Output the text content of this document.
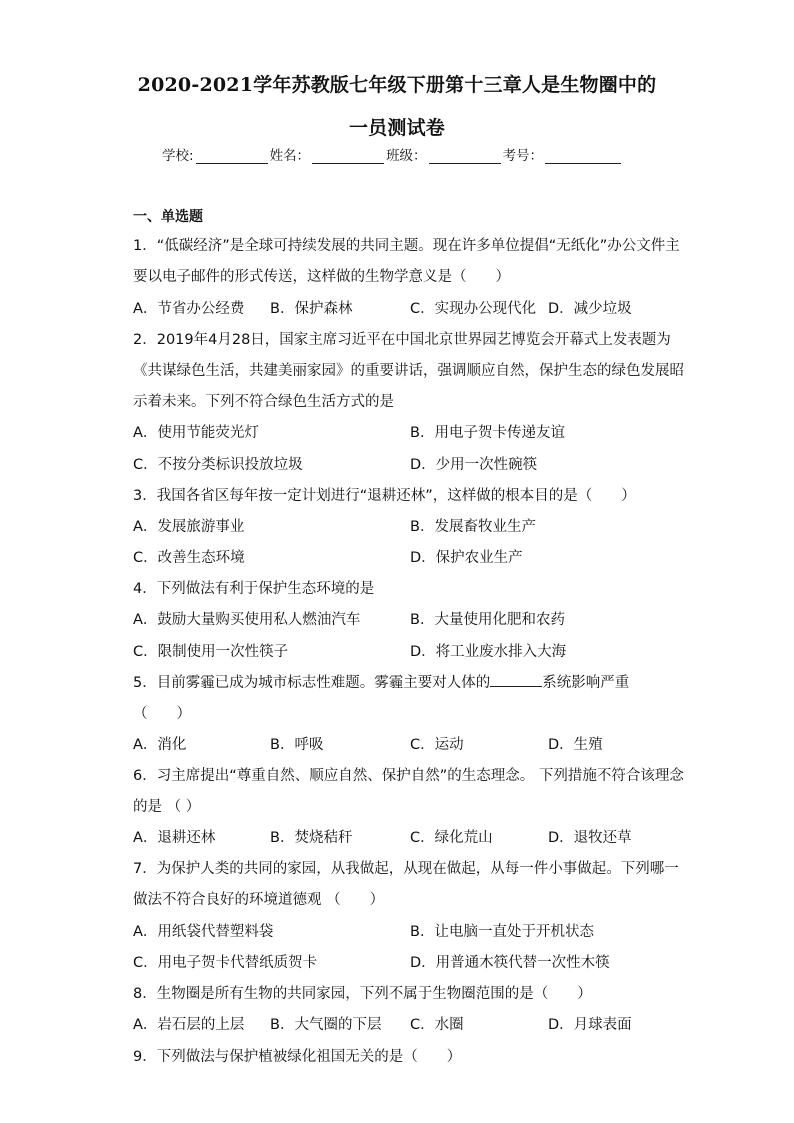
2020-2021学年苏教版七年级下册第十三章人是生物圈中的
一员测试卷
学校:	姓名：	班级：	考号：
一、单选题
1．“低碳经济”是全球可持续发展的共同主题。现在许多单位提倡“无纸化”办公文件主
要以电子邮件的形式传送，这样做的生物学意义是（　　）
A．节省办公经费 B．保护森林	C．实现办公现代化 D．减少垃圾
2．2019年4月28日，国家主席习近平在中国北京世界园艺博览会开幕式上发表题为
《共谋绿色生活，共建美丽家园》的重要讲话，强调顺应自然，保护生态的绿色发展昭
示着未来。下列不符合绿色生活方式的是
A．使用节能荧光灯	B．用电子贺卡传递友谊
C．不按分类标识投放垃圾	D．少用一次性碗筷
3．我国各省区每年按一定计划进行“退耕还林”，这样做的根本目的是（　　）
A．发展旅游事业	B．发展畜牧业生产
C．改善生态环境	D．保护农业生产
4．下列做法有利于保护生态环境的是
A．鼓励大量购买使用私人燃油汽车	B．大量使用化肥和农药
C．限制使用一次性筷子	D．将工业废水排入大海
5．目前雾霾已成为城市标志性难题。雾霾主要对人体的	系统影响严重
（　　）
A．消化	B．呼吸	C．运动	D．生殖
6．习主席提出“尊重自然、顺应自然、保护自然”的生态理念。 下列措施不符合该理念
的是 （ ）
A．退耕还林	B．焚烧秸秆	C．绿化荒山	D．退牧还草
7．为保护人类的共同的家园，从我做起，从现在做起，从每一件小事做起。下列哪一
做法不符合良好的环境道德观 （　　）
A．用纸袋代替塑料袋	B．让电脑一直处于开机状态
C．用电子贺卡代替纸质贺卡	D．用普通木筷代替一次性木筷
8．生物圈是所有生物的共同家园，下列不属于生物圈范围的是（　　）
A．岩石层的上层 B．大气圈的下层 C．水圈	D．月球表面
9．下列做法与保护植被绿化祖国无关的是（　　）
